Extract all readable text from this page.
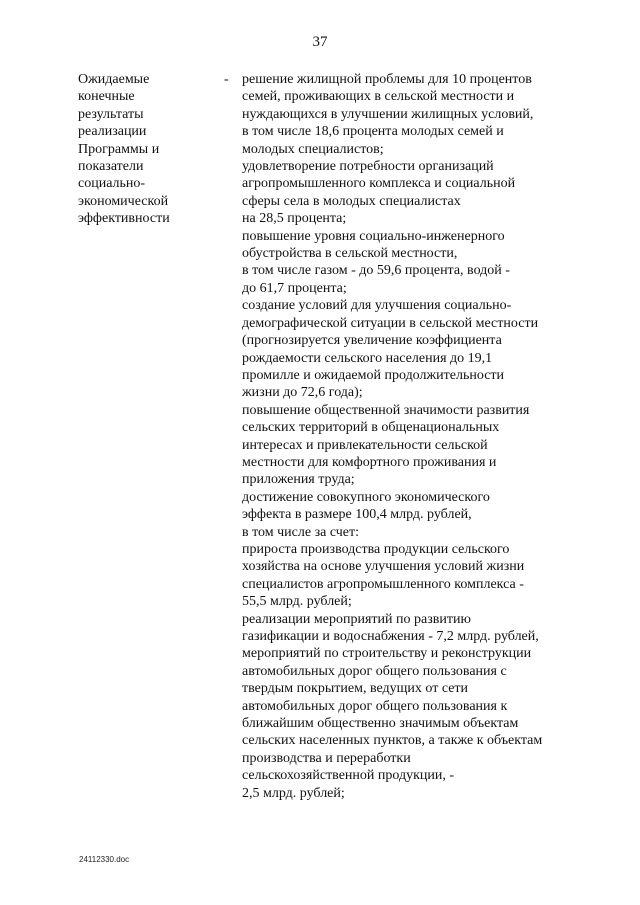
37
Ожидаемые
конечные
результаты
реализации
Программы и
показатели
социально-
экономической
эффективности
- решение жилищной проблемы для 10 процентов
семей, проживающих в сельской местности и
нуждающихся в улучшении жилищных условий,
в том числе 18,6 процента молодых семей и
молодых специалистов;
удовлетворение потребности организаций
агропромышленного комплекса и социальной
сферы села в молодых специалистах
на 28,5 процента;
повышение уровня социально-инженерного
обустройства в сельской местности,
в том числе газом - до 59,6 процента, водой -
до 61,7 процента;
создание условий для улучшения социально-
демографической ситуации в сельской местности
(прогнозируется увеличение коэффициента
рождаемости сельского населения до 19,1
промилле и ожидаемой продолжительности
жизни до 72,6 года);
повышение общественной значимости развития
сельских территорий в общенациональных
интересах и привлекательности сельской
местности для комфортного проживания и
приложения труда;
достижение совокупного экономического
эффекта в размере 100,4 млрд. рублей,
в том числе за счет:
прироста производства продукции сельского
хозяйства на основе улучшения условий жизни
специалистов агропромышленного комплекса -
55,5 млрд. рублей;
реализации мероприятий по развитию
газификации и водоснабжения - 7,2 млрд. рублей,
мероприятий по строительству и реконструкции
автомобильных дорог общего пользования с
твердым покрытием, ведущих от сети
автомобильных дорог общего пользования к
ближайшим общественно значимым объектам
сельских населенных пунктов, а также к объектам
производства и переработки
сельскохозяйственной продукции, -
2,5 млрд. рублей;
24112330.doc
